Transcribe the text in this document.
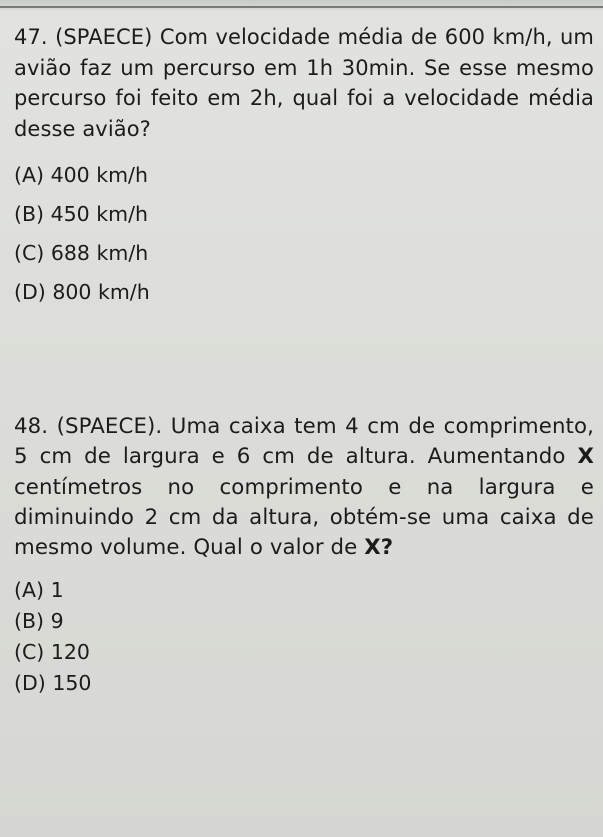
47. (SPAECE) Com velocidade média de 600 km/h, um avião faz um percurso em 1h 30min. Se esse mesmo percurso foi feito em 2h, qual foi a velocidade média desse avião?

(A) 400 km/h
(B) 450 km/h
(C) 688 km/h
(D) 800 km/h

48. (SPAECE). Uma caixa tem 4 cm de comprimento, 5 cm de largura e 6 cm de altura. Aumentando X centímetros no comprimento e na largura e diminuindo 2 cm da altura, obtém-se uma caixa de mesmo volume. Qual o valor de X?

(A) 1
(B) 9
(C) 120
(D) 150
